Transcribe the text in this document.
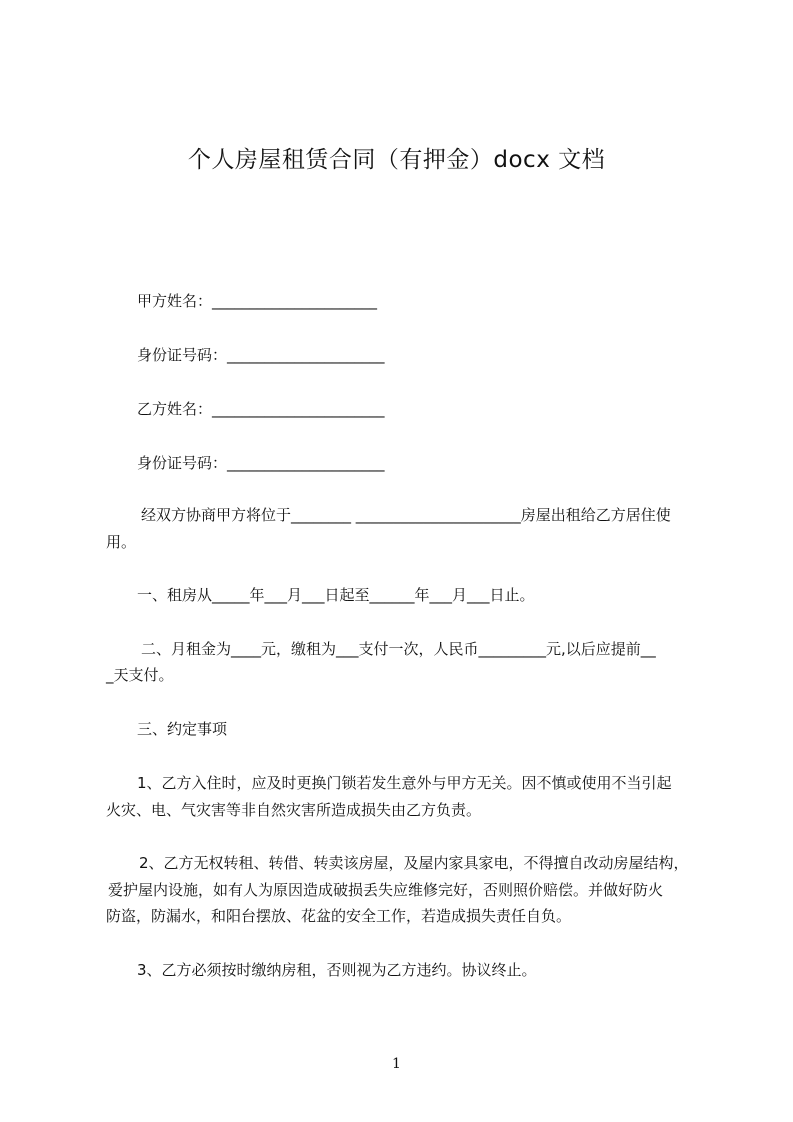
个人房屋租赁合同（有押金）docx 文档
甲方姓名：______________________
身份证号码：_____________________
乙方姓名：_______________________
身份证号码：_____________________
经双方协商甲方将位于________ ______________________房屋出租给乙方居住使
用。
一、租房从_____年___月___日起至______年___月___日止。
二、月租金为____元，缴租为___支付一次，人民币_________元,以后应提前__
_天支付。
三、约定事项
1、乙方入住时，应及时更换门锁若发生意外与甲方无关。因不慎或使用不当引起
火灾、电、气灾害等非自然灾害所造成损失由乙方负责。
2、乙方无权转租、转借、转卖该房屋，及屋内家具家电，不得擅自改动房屋结构，
爱护屋内设施，如有人为原因造成破损丢失应维修完好，否则照价赔偿。并做好防火
防盗，防漏水，和阳台摆放、花盆的安全工作，若造成损失责任自负。
3、乙方必须按时缴纳房租，否则视为乙方违约。协议终止。
1
